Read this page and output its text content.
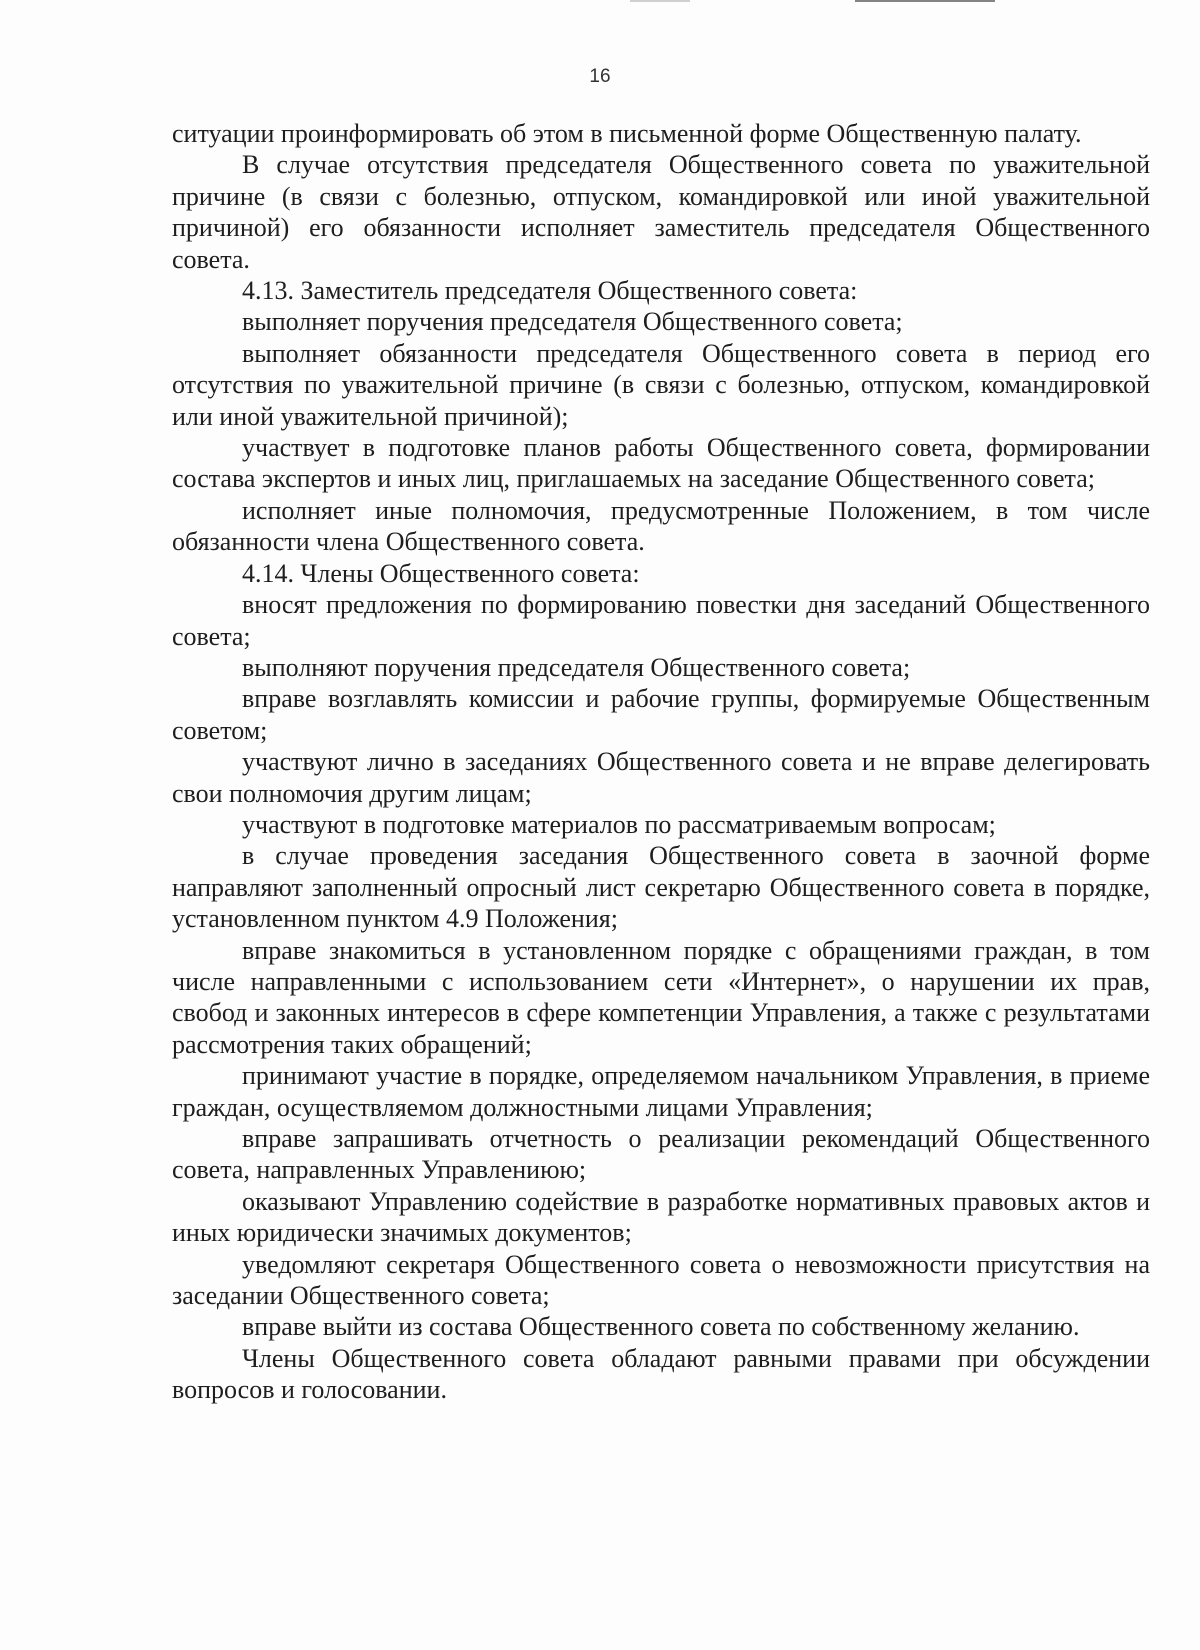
16

ситуации проинформировать об этом в письменной форме Общественную палату.

В случае отсутствия председателя Общественного совета по уважительной причине (в связи с болезнью, отпуском, командировкой или иной уважительной причиной) его обязанности исполняет заместитель председателя Общественного совета.

4.13. Заместитель председателя Общественного совета:

выполняет поручения председателя Общественного совета;

выполняет обязанности председателя Общественного совета в период его отсутствия по уважительной причине (в связи с болезнью, отпуском, командировкой или иной уважительной причиной);

участвует в подготовке планов работы Общественного совета, формировании состава экспертов и иных лиц, приглашаемых на заседание Общественного совета;

исполняет иные полномочия, предусмотренные Положением, в том числе обязанности члена Общественного совета.

4.14. Члены Общественного совета:

вносят предложения по формированию повестки дня заседаний Общественного совета;

выполняют поручения председателя Общественного совета;

вправе возглавлять комиссии и рабочие группы, формируемые Общественным советом;

участвуют лично в заседаниях Общественного совета и не вправе делегировать свои полномочия другим лицам;

участвуют в подготовке материалов по рассматриваемым вопросам;

в случае проведения заседания Общественного совета в заочной форме направляют заполненный опросный лист секретарю Общественного совета в порядке, установленном пунктом 4.9 Положения;

вправе знакомиться в установленном порядке с обращениями граждан, в том числе направленными с использованием сети «Интернет», о нарушении их прав, свобод и законных интересов в сфере компетенции Управления, а также с результатами рассмотрения таких обращений;

принимают участие в порядке, определяемом начальником Управления, в приеме граждан, осуществляемом должностными лицами Управления;

вправе запрашивать отчетность о реализации рекомендаций Общественного совета, направленных Управлениюю;

оказывают Управлению содействие в разработке нормативных правовых актов и иных юридически значимых документов;

уведомляют секретаря Общественного совета о невозможности присутствия на заседании Общественного совета;

вправе выйти из состава Общественного совета по собственному желанию.

Члены Общественного совета обладают равными правами при обсуждении вопросов и голосовании.
